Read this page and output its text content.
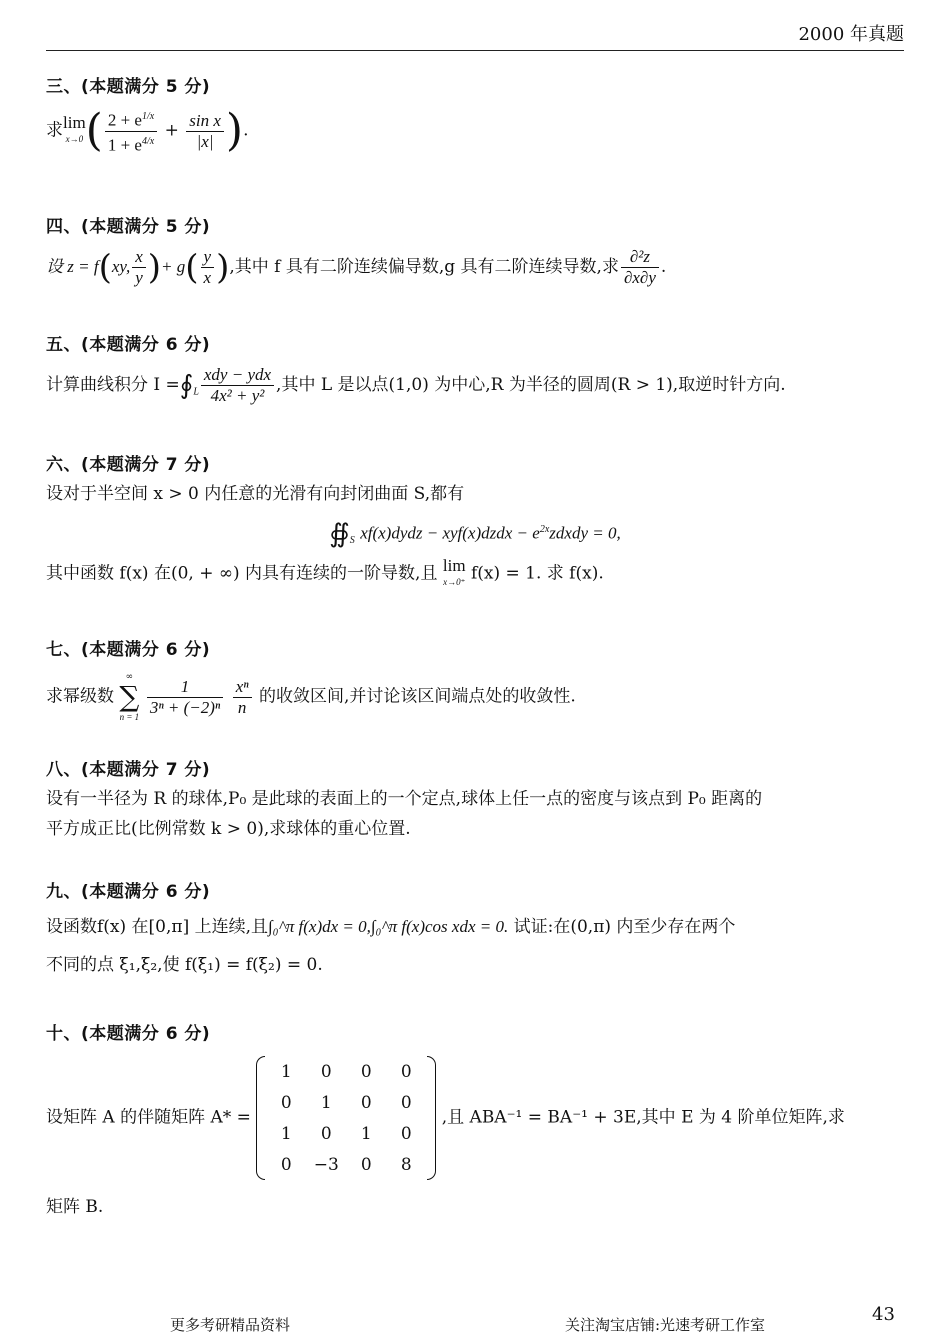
2000 年真题
三、(本题满分 5 分)
求lim
x→0 ( $\frac{2 + e^{1/x}}{1 + e^{4/x}} + \frac{\text{sin x}}{|x|}$ ).
四、(本题满分 5 分)
设 z = f(xy, $\frac{x}{y}$ )+ $g( \frac{y}{x}$ ),其中 f 具有二阶连续偏导数,g 具有二阶连续导数,求 $\frac{\text{∂²z}}{\partial x\partial y}$ .
五、(本题满分 6 分)
计算曲线积分 $I =∮_L \frac{\text{xdy − ydx}}{\text{4x² + y²}}$ ,其中 L 是以点(1,0) 为中心,R 为半径的圆周(R > 1),取逆时针方向.
六、(本题满分 7 分)
设对于半空间 x > 0 内任意的光滑有向封闭曲面 S,都有
$∯_S$ xf(x)dydz − xyf(x)dzdx − $e^{2x}zdxdy = 0$,
其中函数 f(x) 在(0, + ∞) 内具有连续的一阶导数,且 lim
x→0⁺ f(x) = 1. 求 f(x).
七、(本题满分 6 分)
求幂级数
∞
∑
n = 1
$\frac{1}{\text{3ⁿ + (−2)ⁿ}}$
$\frac{\text{xⁿ}}{n}$ 的收敛区间,并讨论该区间端点处的收敛性.
八、(本题满分 7 分)
设有一半径为 R 的球体,P₀ 是此球的表面上的一个定点,球体上任一点的密度与该点到 P₀ 距离的
平方成正比(比例常数 k > 0),求球体的重心位置.
九、(本题满分 6 分)
设函数f(x) 在[0,π] 上连续,且∫₀^π f(x)dx = 0,∫₀^π f(x)cos xdx = 0. 试证:在(0,π) 内至少存在两个
不同的点 ξ₁,ξ₂,使 f(ξ₁) = f(ξ₂) = 0.
十、(本题满分 6 分)
设矩阵 A 的伴随矩阵 A* =
1	0	0	0
0	1	0	0
1	0	1	0
0	−3	0	8
,且 ABA⁻¹ = BA⁻¹ + 3E,其中 E 为 4 阶单位矩阵,求
矩阵 B.
更多考研精品资料	关注淘宝店铺:光速考研工作室	43
